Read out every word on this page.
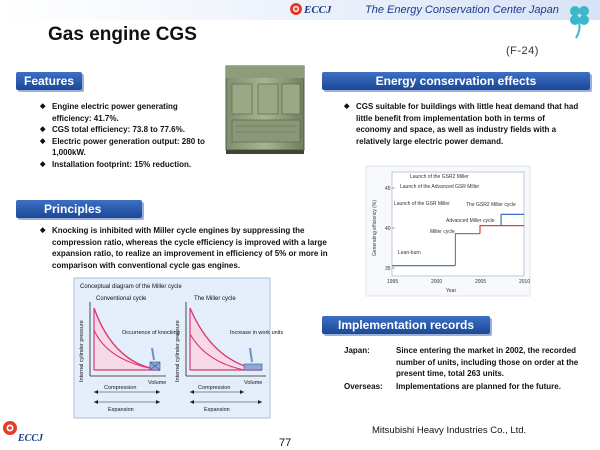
ECCJ	The Energy Conservation Center Japan
Gas engine CGS
(F-24)
Features
◆ Engine electric power generating efficiency: 41.7%.
◆ CGS total efficiency: 73.8 to 77.6%.
◆ Electric power generation output: 280 to 1,000kW.
◆ Installation footprint: 15% reduction.
Energy conservation effects
◆ CGS suitable for buildings with little heat demand that had little benefit from implementation both in terms of economy and space, as well as industry fields with a relatively large electric power demand.
Generating efficiency (%)
Year
1995	2000	2005	2010
35
40
45
Launch of the GSR2 Miller
Launch of the Advanced GSR Miller
Launch of the GSR Miller	The GSR2 Miller cycle
Advanced Miller cycle
Miller cycle
Lean-burn
Principles
◆ Knocking is inhibited with Miller cycle engines by suppressing the compression ratio, whereas the cycle efficiency is improved with a large expansion ratio, to realize an improvement in efficiency of 5% or more in comparison with conventional cycle gas engines.
Conceptual diagram of the Miller cycle
Conventional cycle
Internal cylinder pressure	Occurrence of knocking
Volume
Compression
Expansion
The Miller cycle
Internal cylinder pressure	Increase in work units
Volume
Compression
Expansion
Implementation records
Japan:	Since entering the market in 2002, the recorded number of units, including those on order at the present time, total 263 units.
Overseas:	Implementations are planned for the future.
Mitsubishi Heavy Industries Co., Ltd.
ECCJ	77
